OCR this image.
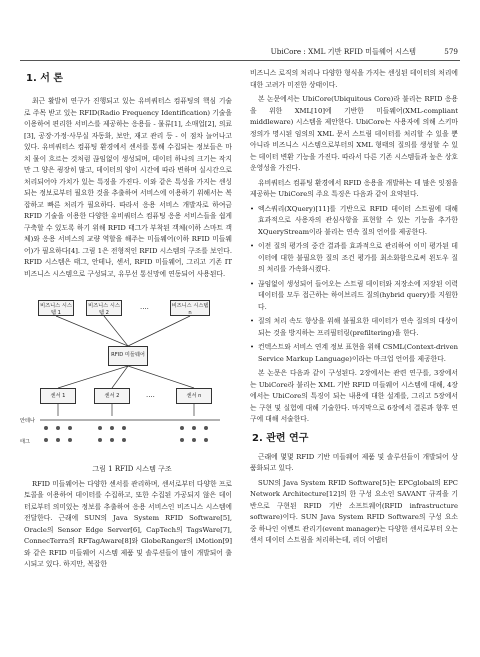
UbiCore : XML 기반 RFID 미들웨어 시스템	579
1. 서 론

최근 활발히 연구가 진행되고 있는 유비쿼터스 컴퓨팅의 핵심 기술로 주목 받고 있는 RFID(Radio Frequency Identification) 기술을 이용하여 편리한 서비스를 제공하는 응용들 - 물류[1], 소매업[2], 의료[3], 공장·가정·사무실 자동화, 보안, 재고 관리 등 - 이 점차 늘어나고 있다. 유비쿼터스 컴퓨팅 환경에서 센서를 통해 수집되는 정보들은 마치 물이 흐르는 것처럼 끊임없이 생성되며, 데이터 하나의 크기는 작지만 그 양은 굉장히 많고, 데이터의 양이 시간에 따라 변하며 실시간으로 처리되어야 가치가 있는 특징을 가진다. 이와 같은 특성을 가지는 센싱되는 정보로부터 필요한 것을 추출하여 서비스에 이용하기 위해서는 복잡하고 빠른 처리가 필요하다. 따라서 응용 서비스 개발자로 하여금 RFID 기술을 이용한 다양한 유비쿼터스 컴퓨팅 응용 서비스들을 쉽게 구축할 수 있도록 하기 위해 RFID 태그가 부착된 객체(이하 스마트 객체)와 응용 서비스의 교량 역할을 해주는 미들웨어(이하 RFID 미들웨어)가 필요하다[4]. 그림 1은 전형적인 RFID 시스템의 구조를 보인다. RFID 시스템은 태그, 안테나, 센서, RFID 미들웨어, 그리고 기존 IT 비즈니스 시스템으로 구성되고, 유무선 통신망에 연동되어 사용된다.

비즈니스 시스템 1
비즈니스 시스템 2
....	비즈니스 시스템 n
RFID 미들웨어
센서 1	센서 2	....	센서 n
안테나
태그

그림 1 RFID 시스템 구조

RFID 미들웨어는 다양한 센서를 관리하며, 센서로부터 다양한 프로토콜을 이용하여 데이터를 수집하고, 또한 수집된 가공되지 않은 데이터로부터 의미있는 정보를 추출하여 응용 서비스인 비즈니스 시스템에 전달한다. 근래에 SUN의 Java System RFID Software[5], Oracle의 Sensor Edge Server[6], CapTech의 TagsWare[7], ConnecTerra의 RFTagAware[8]와 GlobeRanger의 iMotion[9]와 같은 RFID 미들웨어 시스템 제품 및 솔루션들이 많이 개발되어 출시되고 있다. 하지만, 복잡한

비즈니스 로직의 처리나 다양한 형식을 가지는 센싱된 데이터의 처리에 대한 고려가 미진한 상태이다.

본 논문에서는 UbiCore(Ubiquitous Core)라 불리는 RFID 응용을 위한 XML[10]에 기반한 미들웨어(XML-compliant middleware) 시스템을 제안한다. UbiCore는 사용자에 의해 스키마 정의가 명시된 임의의 XML 문서 스트림 데이터를 처리할 수 있을 뿐 아니라 비즈니스 시스템으로부터의 XML 형태의 질의를 생성할 수 있는 데이터 변환 기능을 가진다. 따라서 다른 기존 시스템들과 높은 상호 운영성을 가진다.

유비쿼터스 컴퓨팅 환경에서 RFID 응용을 개발하는 데 많은 잇점을 제공하는 UbiCore의 주요 특징은 다음과 같이 요약된다.

• 엑스쿼리(XQuery)[11]를 기반으로 RFID 데이터 스트림에 대해 효과적으로 사용자의 관심사항을 표현할 수 있는 기능을 추가한 XQueryStream이라 불리는 연속 질의 언어를 제공한다.

• 이전 질의 평가의 중간 결과를 효과적으로 관리하여 이미 평가된 데이터에 대한 불필요한 질의 조건 평가를 최소화함으로써 왼도우 질의 처리를 가속화시켰다.

• 끊임없이 생성되어 들어오는 스트림 데이터와 저장소에 저장된 이력 데이터를 모두 접근하는 하이브리드 질의(hybrid query)를 지원한다.

• 질의 처리 속도 향상을 위해 불필요한 데이터가 연속 질의의 대상이 되는 것을 방지하는 프리필터링(prefiltering)을 한다.

• 컨텍스트와 서비스 연계 정보 표현을 위해 CSML(Context-driven Service Markup Language)이라는 마크업 언어를 제공한다.

본 논문은 다음과 같이 구성된다. 2장에서는 관련 연구를, 3장에서는 UbiCore라 불리는 XML 기반 RFID 미들웨어 시스템에 대해, 4장에서는 UbiCore의 특징이 되는 내용에 대한 설계를, 그리고 5장에서는 구현 및 실험에 대해 기술한다. 마지막으로 6장에서 결론과 향후 연구에 대해 서술한다.

2. 관련 연구

근래에 몇몇 RFID 기반 미들웨어 제품 및 솔루션들이 개발되어 상품화되고 있다.

SUN의 Java System RFID Software[5]는 EPCglobal의 EPC Network Architecture[12]의 한 구성 요소인 SAVANT 규격을 기반으로 구현된 RFID 기반 소프트웨어(RFID infrastructure software)이다. SUN Java System RFID Software의 구성 요소 중 하나인 이벤트 관리기(event manager)는 다양한 센서로부터 오는 센서 데이터 스트림을 처리하는데, 리더 어댑터
